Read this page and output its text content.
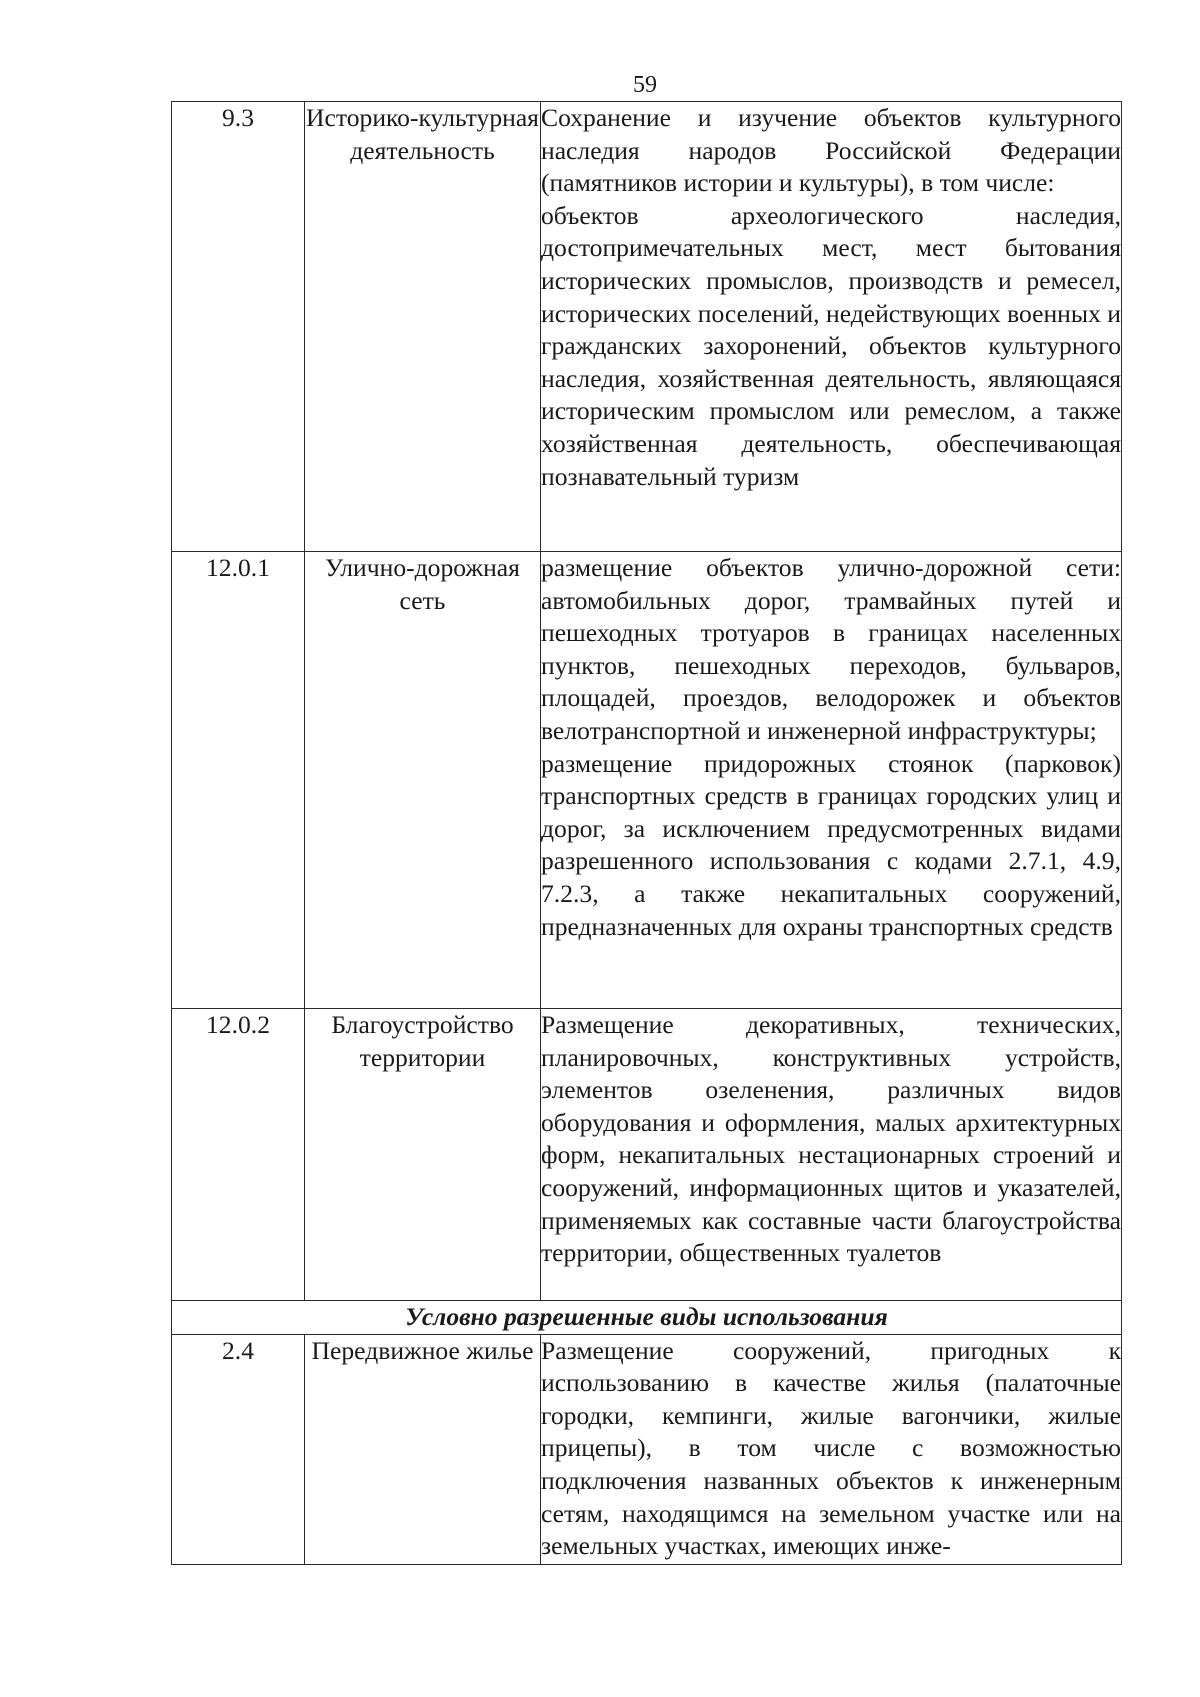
59
9.3	Историко-культурная деятельность	Сохранение и изучение объектов культурного наследия народов Российской Федерации (памятников истории и культуры), в том числе:
объектов археологического наследия, достопримечательных мест, мест бытования исторических промыслов, производств и ремесел, исторических поселений, недействующих военных и гражданских захоронений, объектов культурного наследия, хозяйственная деятельность, являющаяся историческим промыслом или ремеслом, а также хозяйственная деятельность, обеспечивающая познавательный туризм

12.0.1	Улично-дорожная сеть	размещение объектов улично-дорожной сети: автомобильных дорог, трамвайных путей и пешеходных тротуаров в границах населенных пунктов, пешеходных переходов, бульваров, площадей, проездов, велодорожек и объектов велотранспортной и инженерной инфраструктуры;
размещение придорожных стоянок (парковок) транспортных средств в границах городских улиц и дорог, за исключением предусмотренных видами разрешенного использования с кодами 2.7.1, 4.9, 7.2.3, а также некапитальных сооружений, предназначенных для охраны транспортных средств

12.0.2	Благоустройство территории	Размещение декоративных, технических, планировочных, конструктивных устройств, элементов озеленения, различных видов оборудования и оформления, малых архитектурных форм, некапитальных нестационарных строений и сооружений, информационных щитов и указателей, применяемых как составные части благоустройства территории, общественных туалетов

Условно разрешенные виды использования		
2.4	Передвижное жилье	Размещение сооружений, пригодных к использованию в качестве жилья (палаточные городки, кемпинги, жилые вагончики, жилые прицепы), в том числе с возможностью подключения названных объектов к инженерным сетям, находящимся на земельном участке или на земельных участках, имеющих инже-
